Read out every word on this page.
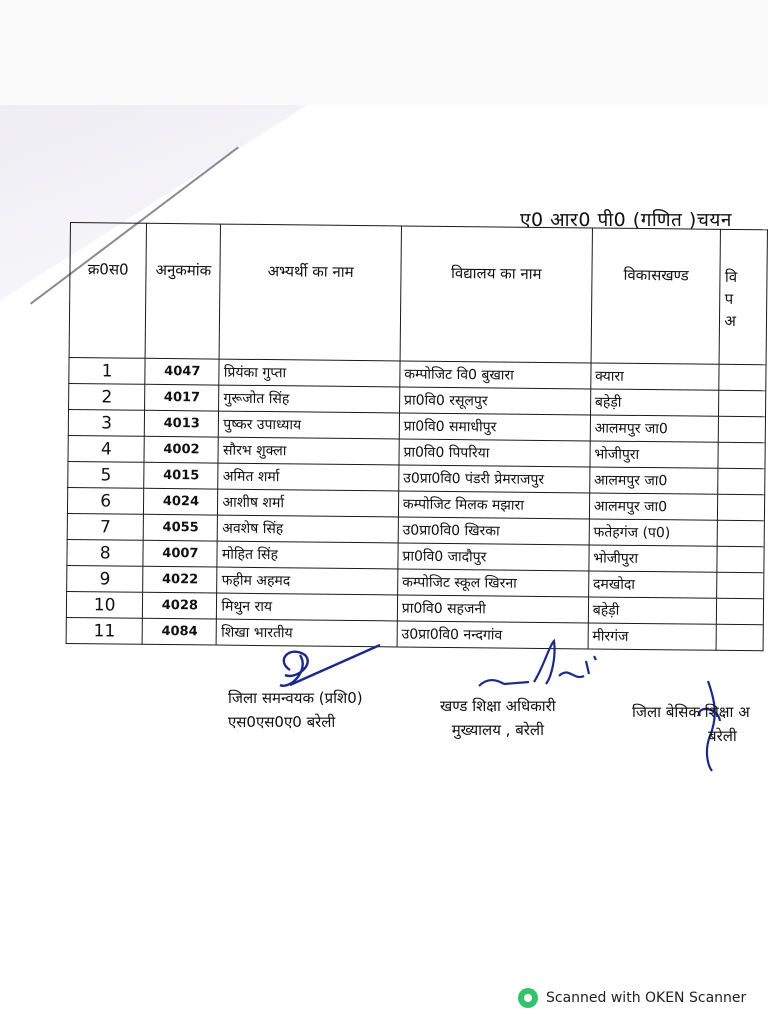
ए0 आर0 पी0 (गणित )चयन
क्र0स0	अनुकमांक	अभ्यर्थी का नाम	विद्यालय का नाम	विकासखण्ड	वि
प
अ
1	4047	प्रियंका गुप्ता	कम्पोजिट वि0 बुखारा	क्यारा	
2	4017	गुरूजोत सिंह	प्रा0वि0 रसूलपुर	बहेड़ी	
3	4013	पुष्कर उपाध्याय	प्रा0वि0 समाधीपुर	आलमपुर जा0	
4	4002	सौरभ शुक्ला	प्रा0वि0 पिपरिया	भोजीपुरा	
5	4015	अमित शर्मा	उ0प्रा0वि0 पंडरी प्रेमराजपुर	आलमपुर जा0	
6	4024	आशीष शर्मा	कम्पोजिट मिलक मझारा	आलमपुर जा0	
7	4055	अवशेष सिंह	उ0प्रा0वि0 खिरका	फतेहगंज (प0)	
8	4007	मोहित सिंह	प्रा0वि0 जादौपुर	भोजीपुरा	
9	4022	फहीम अहमद	कम्पोजिट स्कूल खिरना	दमखोदा	
10	4028	मिथुन राय	प्रा0वि0 सहजनी	बहेड़ी	
11	4084	शिखा भारतीय	उ0प्रा0वि0 नन्दगांव	मीरगंज	
जिला समन्वयक (प्रशि0)
एस0एस0ए0 बरेली
खण्ड शिक्षा अधिकारी
मुख्यालय , बरेली
जिला बेसिक शिक्षा अ
बरेली
Scanned with OKEN Scanner
